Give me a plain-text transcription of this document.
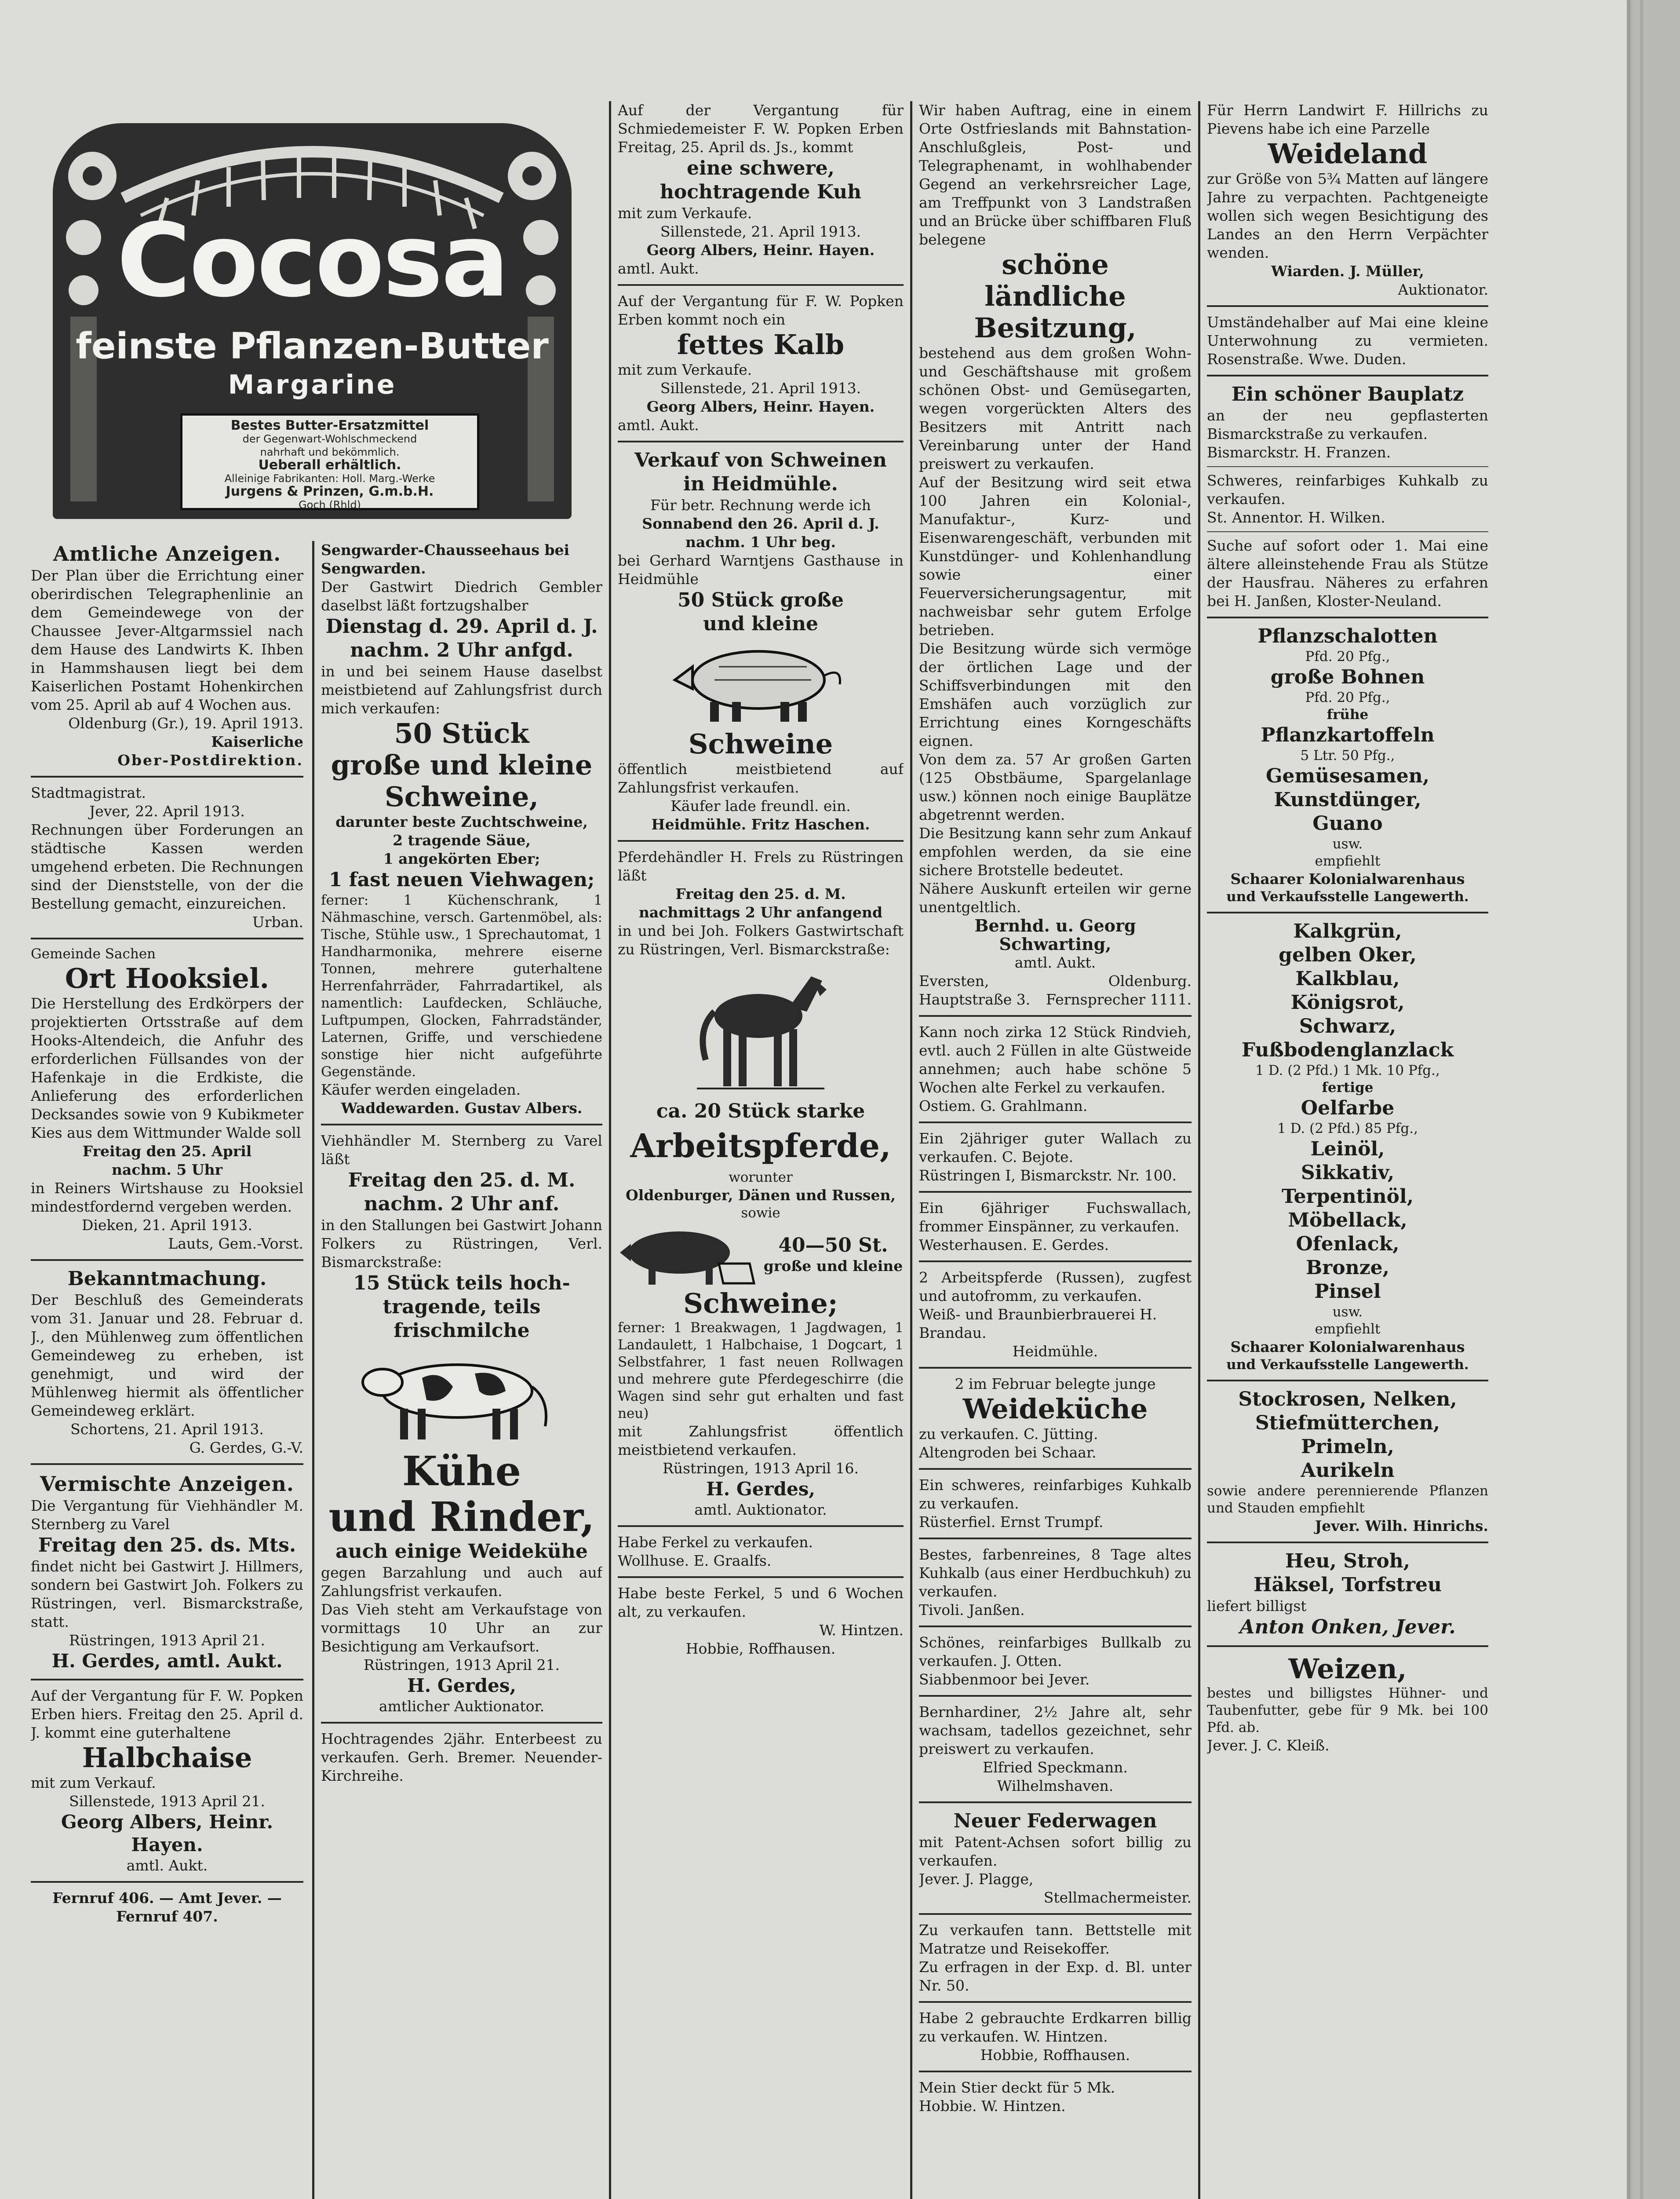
Cocosa
feinste Pflanzen-Butter
Margarine
Bestes Butter-Ersatzmittel
der Gegenwart-Wohlschmeckend
nahrhaft und bekömmlich.
Ueberall erhältlich.
Alleinige Fabrikanten: Holl. Marg.-Werke
Jurgens & Prinzen, G.m.b.H.
Goch (Rhld)
Amtliche Anzeigen.

Der Plan über die Errichtung einer oberirdischen Telegraphenlinie an dem Gemeindewege von der Chaussee Jever-Altgarmssiel nach dem Hause des Landwirts K. Ihben in Hammshausen liegt bei dem Kaiserlichen Postamt Hohenkirchen vom 25. April ab auf 4 Wochen aus.

Oldenburg (Gr.), 19. April 1913.

Kaiserliche

Ober-Postdirektion.

Stadtmagistrat.

Jever, 22. April 1913.

Rechnungen über Forderungen an städtische Kassen werden umgehend erbeten. Die Rechnungen sind der Dienststelle, von der die Bestellung gemacht, einzureichen.

Urban.

Gemeinde Sachen

Ort Hooksiel.

Die Herstellung des Erdkörpers der projektierten Ortsstraße auf dem Hooks-Altendeich, die Anfuhr des erforderlichen Füllsandes von der Hafenkaje in die Erdkiste, die Anlieferung des erforderlichen Decksandes sowie von 9 Kubikmeter Kies aus dem Wittmunder Walde soll

Freitag den 25. April

nachm. 5 Uhr

in Reiners Wirtshause zu Hooksiel mindestfordernd vergeben werden.

Dieken, 21. April 1913.

Lauts, Gem.-Vorst.

Bekanntmachung.

Der Beschluß des Gemeinderats vom 31. Januar und 28. Februar d. J., den Mühlenweg zum öffentlichen Gemeindeweg zu erheben, ist genehmigt, und wird der Mühlenweg hiermit als öffentlicher Gemeindeweg erklärt.

Schortens, 21. April 1913.

G. Gerdes, G.-V.

Vermischte Anzeigen.

Die Vergantung für Viehhändler M. Sternberg zu Varel

Freitag den 25. ds. Mts.

findet nicht bei Gastwirt J. Hillmers, sondern bei Gastwirt Joh. Folkers zu Rüstringen, verl. Bismarckstraße, statt.

Rüstringen, 1913 April 21.

H. Gerdes, amtl. Aukt.

Auf der Vergantung für F. W. Popken Erben hiers. Freitag den 25. April d. J. kommt eine guterhaltene

Halbchaise

mit zum Verkauf.

Sillenstede, 1913 April 21.

Georg Albers, Heinr. Hayen.

amtl. Aukt.

Fernruf 406. — Amt Jever. — Fernruf 407.

Sengwarder-Chausseehaus bei Sengwarden.

Der Gastwirt Diedrich Gembler daselbst läßt fortzugshalber

Dienstag d. 29. April d. J.
nachm. 2 Uhr anfgd.

in und bei seinem Hause daselbst meistbietend auf Zahlungsfrist durch mich verkaufen:

50 Stück
große und kleine
Schweine,

darunter beste Zuchtschweine,

2 tragende Säue,

1 angekörten Eber;

1 fast neuen Viehwagen;

ferner: 1 Küchenschrank, 1 Nähmaschine, versch. Gartenmöbel, als: Tische, Stühle usw., 1 Sprechautomat, 1 Handharmonika, mehrere eiserne Tonnen, mehrere guterhaltene Herrenfahrräder, Fahrradartikel, als namentlich: Laufdecken, Schläuche, Luftpumpen, Glocken, Fahrradständer, Laternen, Griffe, und verschiedene sonstige hier nicht aufgeführte Gegenstände.

Käufer werden eingeladen.

Waddewarden. Gustav Albers.

Viehhändler M. Sternberg zu Varel läßt

Freitag den 25. d. M.
nachm. 2 Uhr anf.

in den Stallungen bei Gastwirt Johann Folkers zu Rüstringen, Verl. Bismarckstraße:

15 Stück teils hoch-
tragende, teils frischmilche
Kühe
und Rinder,
auch einige Weidekühe

gegen Barzahlung und auch auf Zahlungsfrist verkaufen.

Das Vieh steht am Verkaufstage von vormittags 10 Uhr an zur Besichtigung am Verkaufsort.

Rüstringen, 1913 April 21.

H. Gerdes,

amtlicher Auktionator.

Hochtragendes 2jähr. Enterbeest zu verkaufen. Gerh. Bremer. Neuender-Kirchreihe.

Auf der Vergantung für Schmiedemeister F. W. Popken Erben Freitag, 25. April ds. Js., kommt

eine schwere, hochtragende Kuh

mit zum Verkaufe.

Sillenstede, 21. April 1913.

Georg Albers, Heinr. Hayen.

amtl. Aukt.

Auf der Vergantung für F. W. Popken Erben kommt noch ein

fettes Kalb

mit zum Verkaufe.

Sillenstede, 21. April 1913.

Georg Albers, Heinr. Hayen.

amtl. Aukt.

Verkauf von Schweinen
in Heidmühle.

Für betr. Rechnung werde ich

Sonnabend den 26. April d. J.

nachm. 1 Uhr beg.

bei Gerhard Warntjens Gasthause in Heidmühle

50 Stück große
und kleine
Schweine

öffentlich meistbietend auf Zahlungsfrist verkaufen.

Käufer lade freundl. ein.

Heidmühle. Fritz Haschen.

Pferdehändler H. Frels zu Rüstringen läßt

Freitag den 25. d. M.

nachmittags 2 Uhr anfangend

in und bei Joh. Folkers Gastwirtschaft zu Rüstringen, Verl. Bismarckstraße:

ca. 20 Stück starke
Arbeitspferde,

worunter

Oldenburger, Dänen und Russen,

sowie

40—50 St.
große und kleine
Schweine;

ferner: 1 Breakwagen, 1 Jagdwagen, 1 Landaulett, 1 Halbchaise, 1 Dogcart, 1 Selbstfahrer, 1 fast neuen Rollwagen und mehrere gute Pferdegeschirre (die Wagen sind sehr gut erhalten und fast neu)

mit Zahlungsfrist öffentlich meistbietend verkaufen.

Rüstringen, 1913 April 16.

H. Gerdes,

amtl. Auktionator.

Habe Ferkel zu verkaufen.

Wollhuse. E. Graalfs.

Habe beste Ferkel, 5 und 6 Wochen alt, zu verkaufen.

W. Hintzen.

Hobbie, Roffhausen.

Wir haben Auftrag, eine in einem Orte Ostfrieslands mit Bahnstation-Anschlußgleis, Post- und Telegraphenamt, in wohlhabender Gegend an verkehrsreicher Lage, am Treffpunkt von 3 Landstraßen und an Brücke über schiffbaren Fluß belegene

schöne
ländliche Besitzung,

bestehend aus dem großen Wohn- und Geschäftshause mit großem schönen Obst- und Gemüsegarten, wegen vorgerückten Alters des Besitzers mit Antritt nach Vereinbarung unter der Hand preiswert zu verkaufen.

Auf der Besitzung wird seit etwa 100 Jahren ein Kolonial-, Manufaktur-, Kurz- und Eisenwarengeschäft, verbunden mit Kunstdünger- und Kohlenhandlung sowie einer Feuerversicherungsagentur, mit nachweisbar sehr gutem Erfolge betrieben.

Die Besitzung würde sich vermöge der örtlichen Lage und der Schiffsverbindungen mit den Emshäfen auch vorzüglich zur Errichtung eines Korngeschäfts eignen.

Von dem za. 57 Ar großen Garten (125 Obstbäume, Spargelanlage usw.) können noch einige Bauplätze abgetrennt werden.

Die Besitzung kann sehr zum Ankauf empfohlen werden, da sie eine sichere Brotstelle bedeutet.

Nähere Auskunft erteilen wir gerne unentgeltlich.

Bernhd. u. Georg Schwarting,

amtl. Aukt.

Eversten,	Oldenburg.
Hauptstraße 3. Fernsprecher 1111.

Kann noch zirka 12 Stück Rindvieh, evtl. auch 2 Füllen in alte Güstweide annehmen; auch habe schöne 5 Wochen alte Ferkel zu verkaufen.

Ostiem. G. Grahlmann.

Ein 2jähriger guter Wallach zu verkaufen. C. Bejote.

Rüstringen I, Bismarckstr. Nr. 100.

Ein 6jähriger Fuchswallach, frommer Einspänner, zu verkaufen.

Westerhausen. E. Gerdes.

2 Arbeitspferde (Russen), zugfest und autofromm, zu verkaufen.

Weiß- und Braunbierbrauerei H. Brandau.

Heidmühle.

2 im Februar belegte junge

Weideküche

zu verkaufen. C. Jütting.

Altengroden bei Schaar.

Ein schweres, reinfarbiges Kuhkalb zu verkaufen.

Rüsterfiel. Ernst Trumpf.

Bestes, farbenreines, 8 Tage altes Kuhkalb (aus einer Herdbuchkuh) zu verkaufen.

Tivoli. Janßen.

Schönes, reinfarbiges Bullkalb zu verkaufen. J. Otten.

Siabbenmoor bei Jever.

Bernhardiner, 2½ Jahre alt, sehr wachsam, tadellos gezeichnet, sehr preiswert zu verkaufen.

Elfried Speckmann.

Wilhelmshaven.

Neuer Federwagen

mit Patent-Achsen sofort billig zu verkaufen.

Jever. J. Plagge,

Stellmachermeister.

Zu verkaufen tann. Bettstelle mit Matratze und Reisekoffer.

Zu erfragen in der Exp. d. Bl. unter Nr. 50.

Habe 2 gebrauchte Erdkarren billig zu verkaufen. W. Hintzen.

Hobbie, Roffhausen.

Mein Stier deckt für 5 Mk.

Hobbie. W. Hintzen.

Für Herrn Landwirt F. Hillrichs zu Pievens habe ich eine Parzelle

Weideland

zur Größe von 5¾ Matten auf längere Jahre zu verpachten. Pachtgeneigte wollen sich wegen Besichtigung des Landes an den Herrn Verpächter wenden.

Wiarden. J. Müller,

Auktionator.

Umständehalber auf Mai eine kleine Unterwohnung zu vermieten. Rosenstraße. Wwe. Duden.

Ein schöner Bauplatz

an der neu gepflasterten Bismarckstraße zu verkaufen.

Bismarckstr. H. Franzen.

Schweres, reinfarbiges Kuhkalb zu verkaufen.

St. Annentor. H. Wilken.

Suche auf sofort oder 1. Mai eine ältere alleinstehende Frau als Stütze der Hausfrau. Näheres zu erfahren bei H. Janßen, Kloster-Neuland.

Pflanzschalotten

Pfd. 20 Pfg.,

große Bohnen

Pfd. 20 Pfg.,

frühe

Pflanzkartoffeln

5 Ltr. 50 Pfg.,

Gemüsesamen,
Kunstdünger,
Guano

usw.

empfiehlt

Schaarer Kolonialwarenhaus

und Verkaufsstelle Langewerth.

Kalkgrün,
gelben Oker,
Kalkblau,
Königsrot,
Schwarz,
Fußbodenglanzlack

1 D. (2 Pfd.) 1 Mk. 10 Pfg.,

fertige

Oelfarbe

1 D. (2 Pfd.) 85 Pfg.,

Leinöl,
Sikkativ,
Terpentinöl,
Möbellack,
Ofenlack,
Bronze,
Pinsel

usw.

empfiehlt

Schaarer Kolonialwarenhaus

und Verkaufsstelle Langewerth.

Stockrosen, Nelken,
Stiefmütterchen, Primeln,
Aurikeln

sowie andere perennierende Pflanzen und Stauden empfiehlt

Jever. Wilh. Hinrichs.

Heu, Stroh,
Häksel, Torfstreu

liefert billigst

Anton Onken, Jever.
Weizen,

bestes und billigstes Hühner- und Taubenfutter, gebe für 9 Mk. bei 100 Pfd. ab.

Jever. J. C. Kleiß.
